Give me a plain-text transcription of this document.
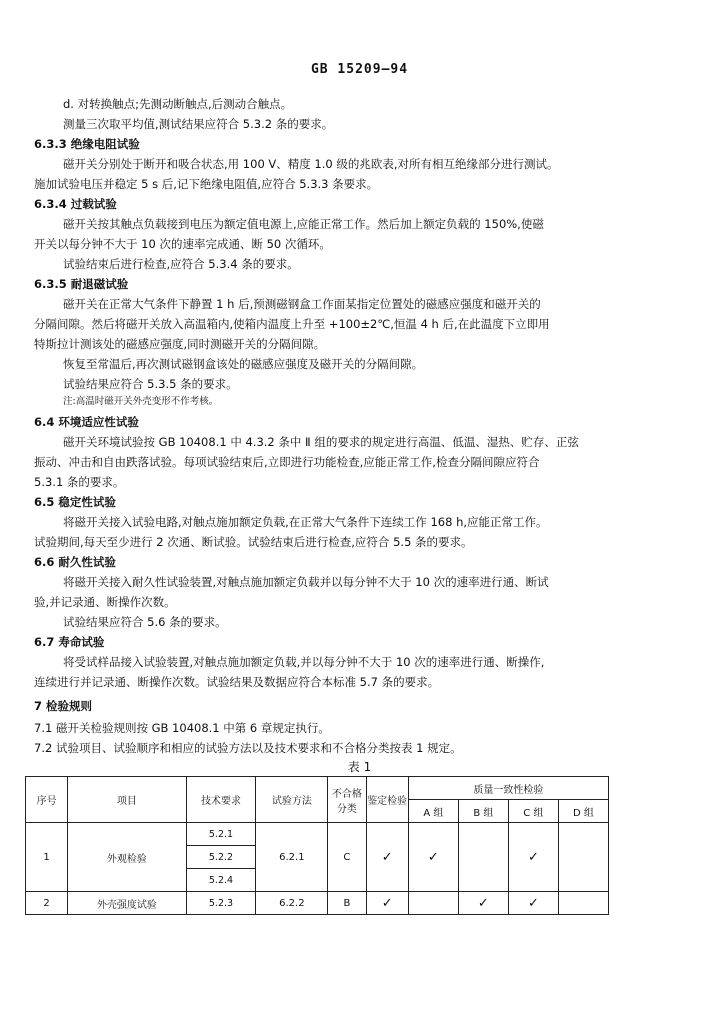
GB 15209—94
d. 对转换触点;先测动断触点,后测动合触点。
测量三次取平均值,测试结果应符合 5.3.2 条的要求。
6.3.3 绝缘电阻试验
磁开关分别处于断开和吸合状态,用 100 V、精度 1.0 级的兆欧表,对所有相互绝缘部分进行测试。
施加试验电压并稳定 5 s 后,记下绝缘电阻值,应符合 5.3.3 条要求。
6.3.4 过载试验
磁开关按其触点负载接到电压为额定值电源上,应能正常工作。然后加上额定负载的 150%,使磁
开关以每分钟不大于 10 次的速率完成通、断 50 次循环。
试验结束后进行检查,应符合 5.3.4 条的要求。
6.3.5 耐退磁试验
磁开关在正常大气条件下静置 1 h 后,预测磁钢盒工作面某指定位置处的磁感应强度和磁开关的
分隔间隙。然后将磁开关放入高温箱内,使箱内温度上升至 +100±2℃,恒温 4 h 后,在此温度下立即用
特斯拉计测该处的磁感应强度,同时测磁开关的分隔间隙。
恢复至常温后,再次测试磁钢盒该处的磁感应强度及磁开关的分隔间隙。
试验结果应符合 5.3.5 条的要求。
注:高温时磁开关外壳变形不作考核。
6.4 环境适应性试验
磁开关环境试验按 GB 10408.1 中 4.3.2 条中 Ⅱ 组的要求的规定进行高温、低温、湿热、贮存、正弦
振动、冲击和自由跌落试验。每项试验结束后,立即进行功能检查,应能正常工作,检查分隔间隙应符合
5.3.1 条的要求。
6.5 稳定性试验
将磁开关接入试验电路,对触点施加额定负载,在正常大气条件下连续工作 168 h,应能正常工作。
试验期间,每天至少进行 2 次通、断试验。试验结束后进行检查,应符合 5.5 条的要求。
6.6 耐久性试验
将磁开关接入耐久性试验装置,对触点施加额定负载并以每分钟不大于 10 次的速率进行通、断试
验,并记录通、断操作次数。
试验结果应符合 5.6 条的要求。
6.7 寿命试验
将受试样品接入试验装置,对触点施加额定负载,并以每分钟不大于 10 次的速率进行通、断操作,
连续进行并记录通、断操作次数。试验结果及数据应符合本标准 5.7 条的要求。
7 检验规则
7.1 磁开关检验规则按 GB 10408.1 中第 6 章规定执行。
7.2 试验项目、试验顺序和相应的试验方法以及技术要求和不合格分类按表 1 规定。
表 1
序号	项目	技术要求	试验方法	不合格分类	鉴定检验	质量一致性检验			
						A 组	B 组	C 组	D 组
1	外观检验	5.2.1	6.2.1	C	✓	✓		✓	
		5.2.2							
		5.2.4							
2	外壳强度试验	5.2.3	6.2.2	B	✓		✓	✓	
